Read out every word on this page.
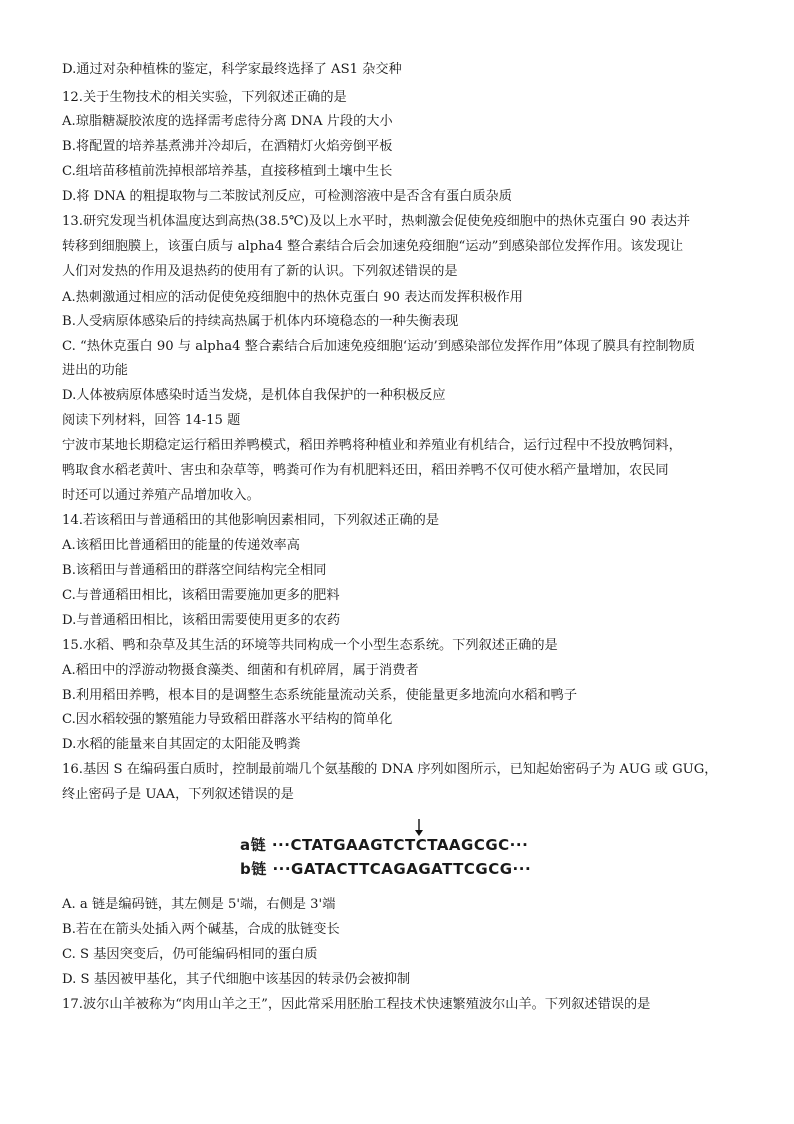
D.通过对杂种植株的鉴定，科学家最终选择了 AS1 杂交种
12.关于生物技术的相关实验，下列叙述正确的是
A.琼脂糖凝胶浓度的选择需考虑待分离 DNA 片段的大小
B.将配置的培养基煮沸并冷却后，在酒精灯火焰旁倒平板
C.组培苗移植前洗掉根部培养基，直接移植到土壤中生长
D.将 DNA 的粗提取物与二苯胺试剂反应，可检测溶液中是否含有蛋白质杂质
13.研究发现当机体温度达到高热(38.5℃)及以上水平时，热刺激会促使免疫细胞中的热休克蛋白 90 表达并
转移到细胞膜上，该蛋白质与 alpha4 整合素结合后会加速免疫细胞“运动”到感染部位发挥作用。该发现让
人们对发热的作用及退热药的使用有了新的认识。下列叙述错误的是
A.热刺激通过相应的活动促使免疫细胞中的热休克蛋白 90 表达而发挥积极作用
B.人受病原体感染后的持续高热属于机体内环境稳态的一种失衡表现
C. “热休克蛋白 90 与 alpha4 整合素结合后加速免疫细胞‘运动’到感染部位发挥作用”体现了膜具有控制物质
进出的功能
D.人体被病原体感染时适当发烧，是机体自我保护的一种积极反应
阅读下列材料，回答 14-15 题
宁波市某地长期稳定运行稻田养鸭模式，稻田养鸭将种植业和养殖业有机结合，运行过程中不投放鸭饲料，
鸭取食水稻老黄叶、害虫和杂草等，鸭粪可作为有机肥料还田，稻田养鸭不仅可使水稻产量增加，农民同
时还可以通过养殖产品增加收入。
14.若该稻田与普通稻田的其他影响因素相同，下列叙述正确的是
A.该稻田比普通稻田的能量的传递效率高
B.该稻田与普通稻田的群落空间结构完全相同
C.与普通稻田相比，该稻田需要施加更多的肥料
D.与普通稻田相比，该稻田需要使用更多的农药
15.水稻、鸭和杂草及其生活的环境等共同构成一个小型生态系统。下列叙述正确的是
A.稻田中的浮游动物摄食藻类、细菌和有机碎屑，属于消费者
B.利用稻田养鸭，根本目的是调整生态系统能量流动关系，使能量更多地流向水稻和鸭子
C.因水稻较强的繁殖能力导致稻田群落水平结构的简单化
D.水稻的能量来自其固定的太阳能及鸭粪
16.基因 S 在编码蛋白质时，控制最前端几个氨基酸的 DNA 序列如图所示，已知起始密码子为 AUG 或 GUG，
终止密码子是 UAA，下列叙述错误的是
a链 ···CTATGAAGTCTCTAAGCGC···
b链 ···GATACTTCAGAGATTCGCG···
A. a 链是编码链，其左侧是 5'端，右侧是 3'端
B.若在在箭头处插入两个碱基，合成的肽链变长
C. S 基因突变后，仍可能编码相同的蛋白质
D. S 基因被甲基化，其子代细胞中该基因的转录仍会被抑制
17.波尔山羊被称为“肉用山羊之王”，因此常采用胚胎工程技术快速繁殖波尔山羊。下列叙述错误的是
